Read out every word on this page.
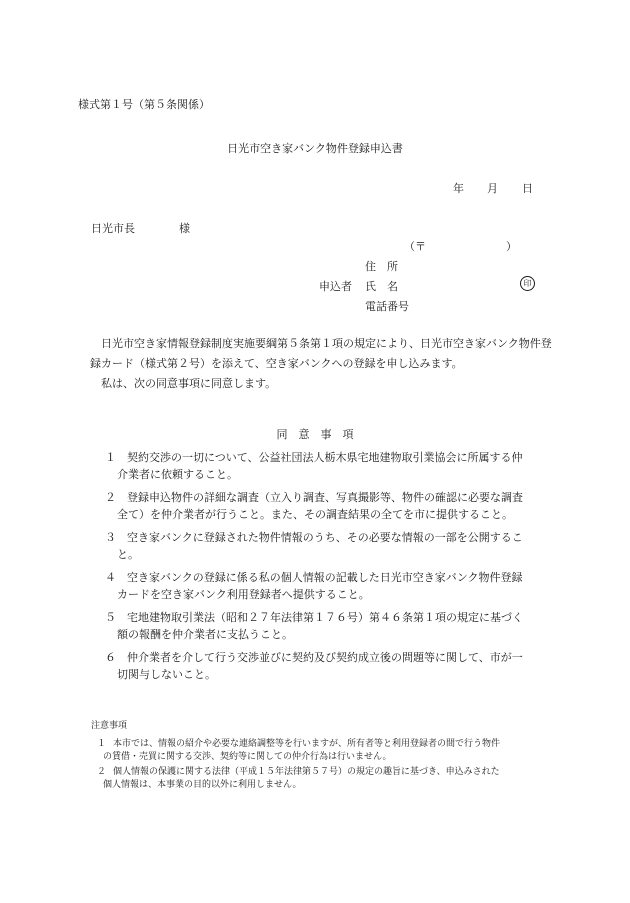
様式第１号（第５条関係）
日光市空き家バンク物件登録申込書
年 月 日
日光市長	様
（〒	）
住　所
申込者 氏　名	印
電話番号
日光市空き家情報登録制度実施要綱第５条第１項の規定により、日光市空き家バンク物件登録カード（様式第２号）を添えて、空き家バンクへの登録を申し込みます。
私は、次の同意事項に同意します。
同　意　事　項
１ 契約交渉の一切について、公益社団法人栃木県宅地建物取引業協会に所属する仲
介業者に依頼すること。
２ 登録申込物件の詳細な調査（立入り調査、写真撮影等、物件の確認に必要な調査
全て）を仲介業者が行うこと。また、その調査結果の全てを市に提供すること。
３ 空き家バンクに登録された物件情報のうち、その必要な情報の一部を公開するこ
と。
４ 空き家バンクの登録に係る私の個人情報の記載した日光市空き家バンク物件登録
カードを空き家バンク利用登録者へ提供すること。
５ 宅地建物取引業法（昭和２７年法律第１７６号）第４６条第１項の規定に基づく
額の報酬を仲介業者に支払うこと。
６ 仲介業者を介して行う交渉並びに契約及び契約成立後の問題等に関して、市が一
切関与しないこと。
注意事項
１ 本市では、情報の紹介や必要な連絡調整等を行いますが、所有者等と利用登録者の間で行う物件
の賃借・売買に関する交渉、契約等に関しての仲介行為は行いません。
２ 個人情報の保護に関する法律（平成１５年法律第５７号）の規定の趣旨に基づき、申込みされた
個人情報は、本事業の目的以外に利用しません。
